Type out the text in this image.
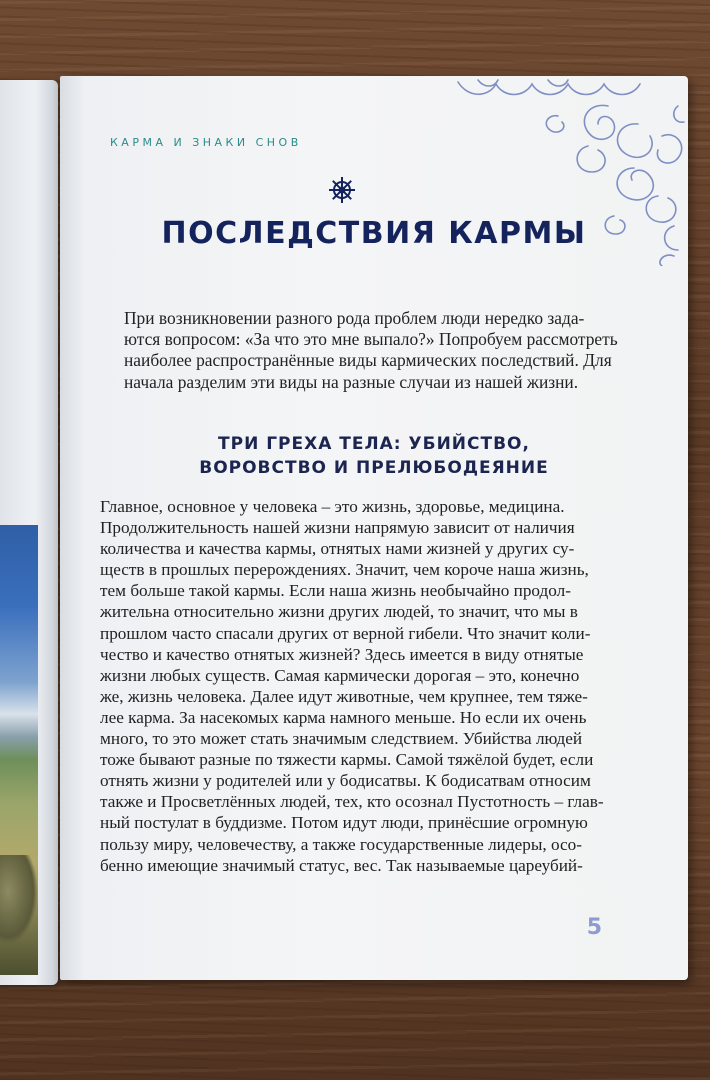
КАРМА И ЗНАКИ СНОВ
ПОСЛЕДСТВИЯ КАРМЫ
При возникновении разного рода проблем люди нередко зада-
ются вопросом: «За что это мне выпало?» Попробуем рассмотреть
наиболее распространённые виды кармических последствий. Для
начала разделим эти виды на разные случаи из нашей жизни.
ТРИ ГРЕХА ТЕЛА: УБИЙСТВО,
ВОРОВСТВО И ПРЕЛЮБОДЕЯНИЕ
Главное, основное у человека – это жизнь, здоровье, медицина.
Продолжительность нашей жизни напрямую зависит от наличия
количества и качества кармы, отнятых нами жизней у других су-
ществ в прошлых перерождениях. Значит, чем короче наша жизнь,
тем больше такой кармы. Если наша жизнь необычайно продол-
жительна относительно жизни других людей, то значит, что мы в
прошлом часто спасали других от верной гибели. Что значит коли-
чество и качество отнятых жизней? Здесь имеется в виду отнятые
жизни любых существ. Самая кармически дорогая – это, конечно
же, жизнь человека. Далее идут животные, чем крупнее, тем тяже-
лее карма. За насекомых карма намного меньше. Но если их очень
много, то это может стать значимым следствием. Убийства людей
тоже бывают разные по тяжести кармы. Самой тяжёлой будет, если
отнять жизни у родителей или у бодисатвы. К бодисатвам относим
также и Просветлённых людей, тех, кто осознал Пустотность – глав-
ный постулат в буддизме. Потом идут люди, принёсшие огромную
пользу миру, человечеству, а также государственные лидеры, осо-
бенно имеющие значимый статус, вес. Так называемые цареубий-
5
